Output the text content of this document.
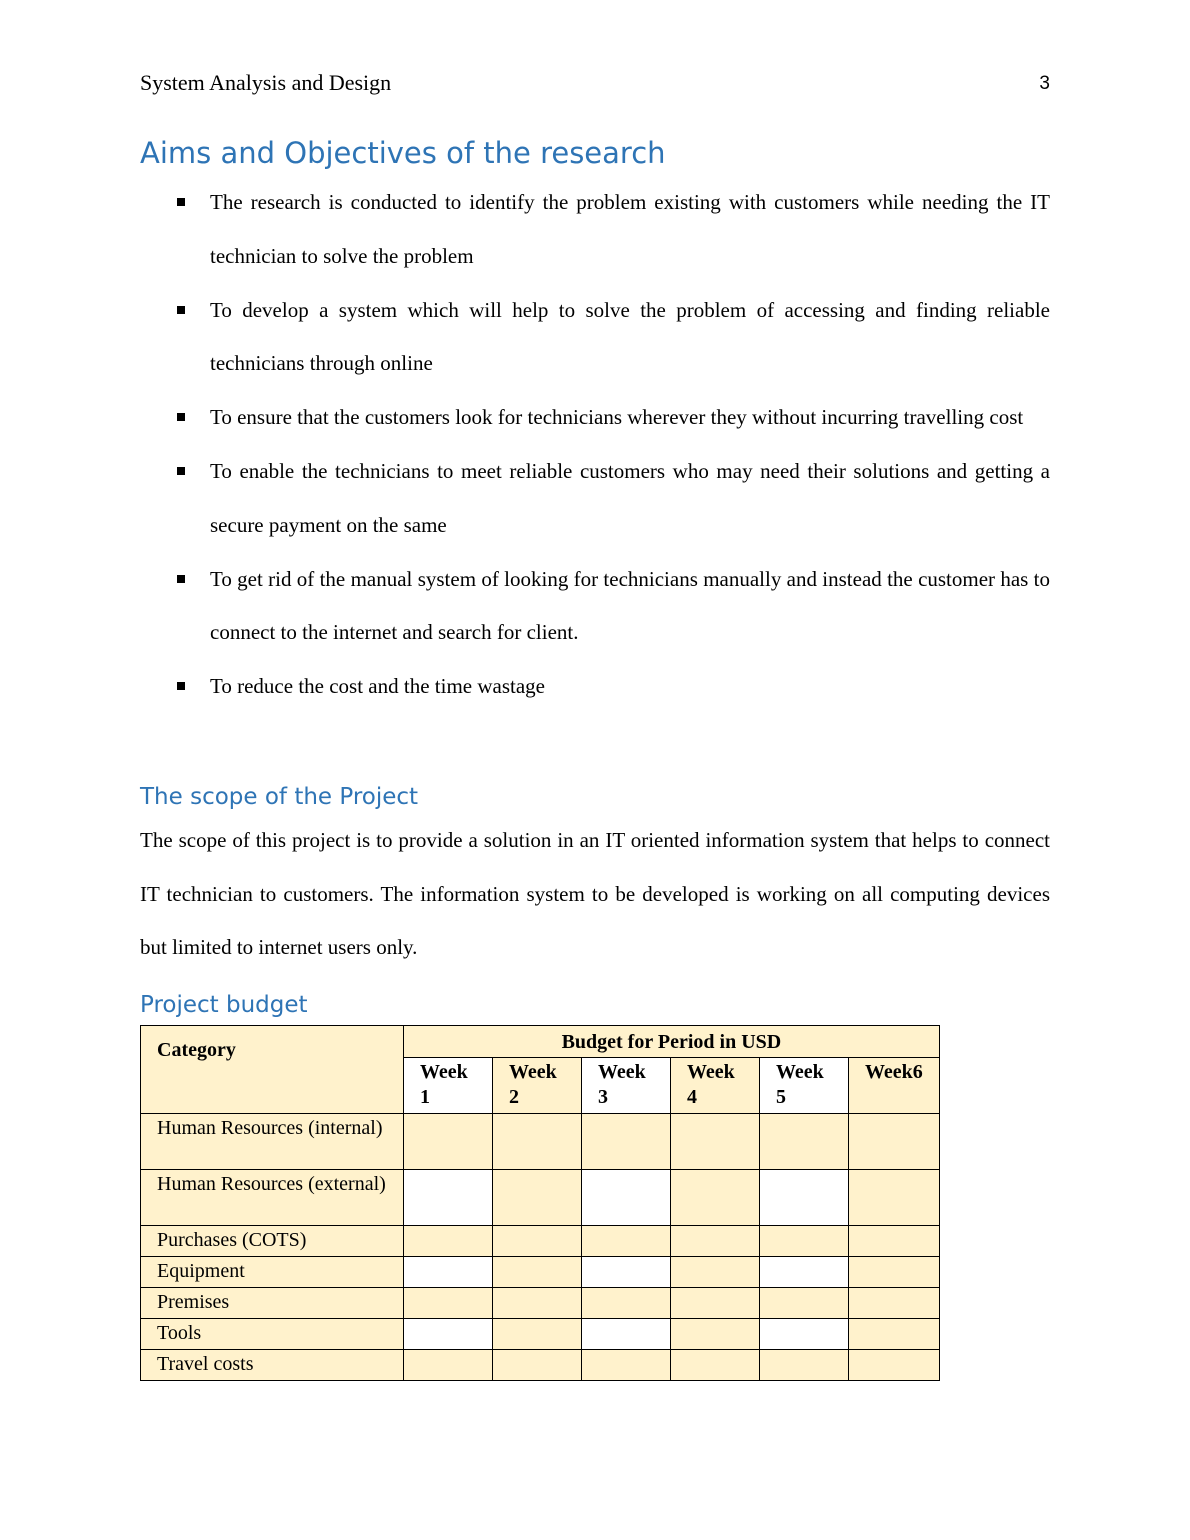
System Analysis and Design	3
Aims and Objectives of the research
The research is conducted to identify the problem existing with customers while needing the IT technician to solve the problem
To develop a system which will help to solve the problem of accessing and finding reliable technicians through online
To ensure that the customers look for technicians wherever they without incurring travelling cost
To enable the technicians to meet reliable customers who may need their solutions and getting a secure payment on the same
To get rid of the manual system of looking for technicians manually and instead the customer has to connect to the internet and search for client.
To reduce the cost and the time wastage
The scope of the Project

The scope of this project is to provide a solution in an IT oriented information system that helps to connect IT technician to customers. The information system to be developed is working on all computing devices but limited to internet users only.

Project budget
Category	Budget for Period in USD					
	Week 1	Week 2	Week 3	Week 4	Week 5	Week6
Human Resources (internal)						
Human Resources (external)						
Purchases (COTS)						
Equipment						
Premises						
Tools						
Travel costs						
